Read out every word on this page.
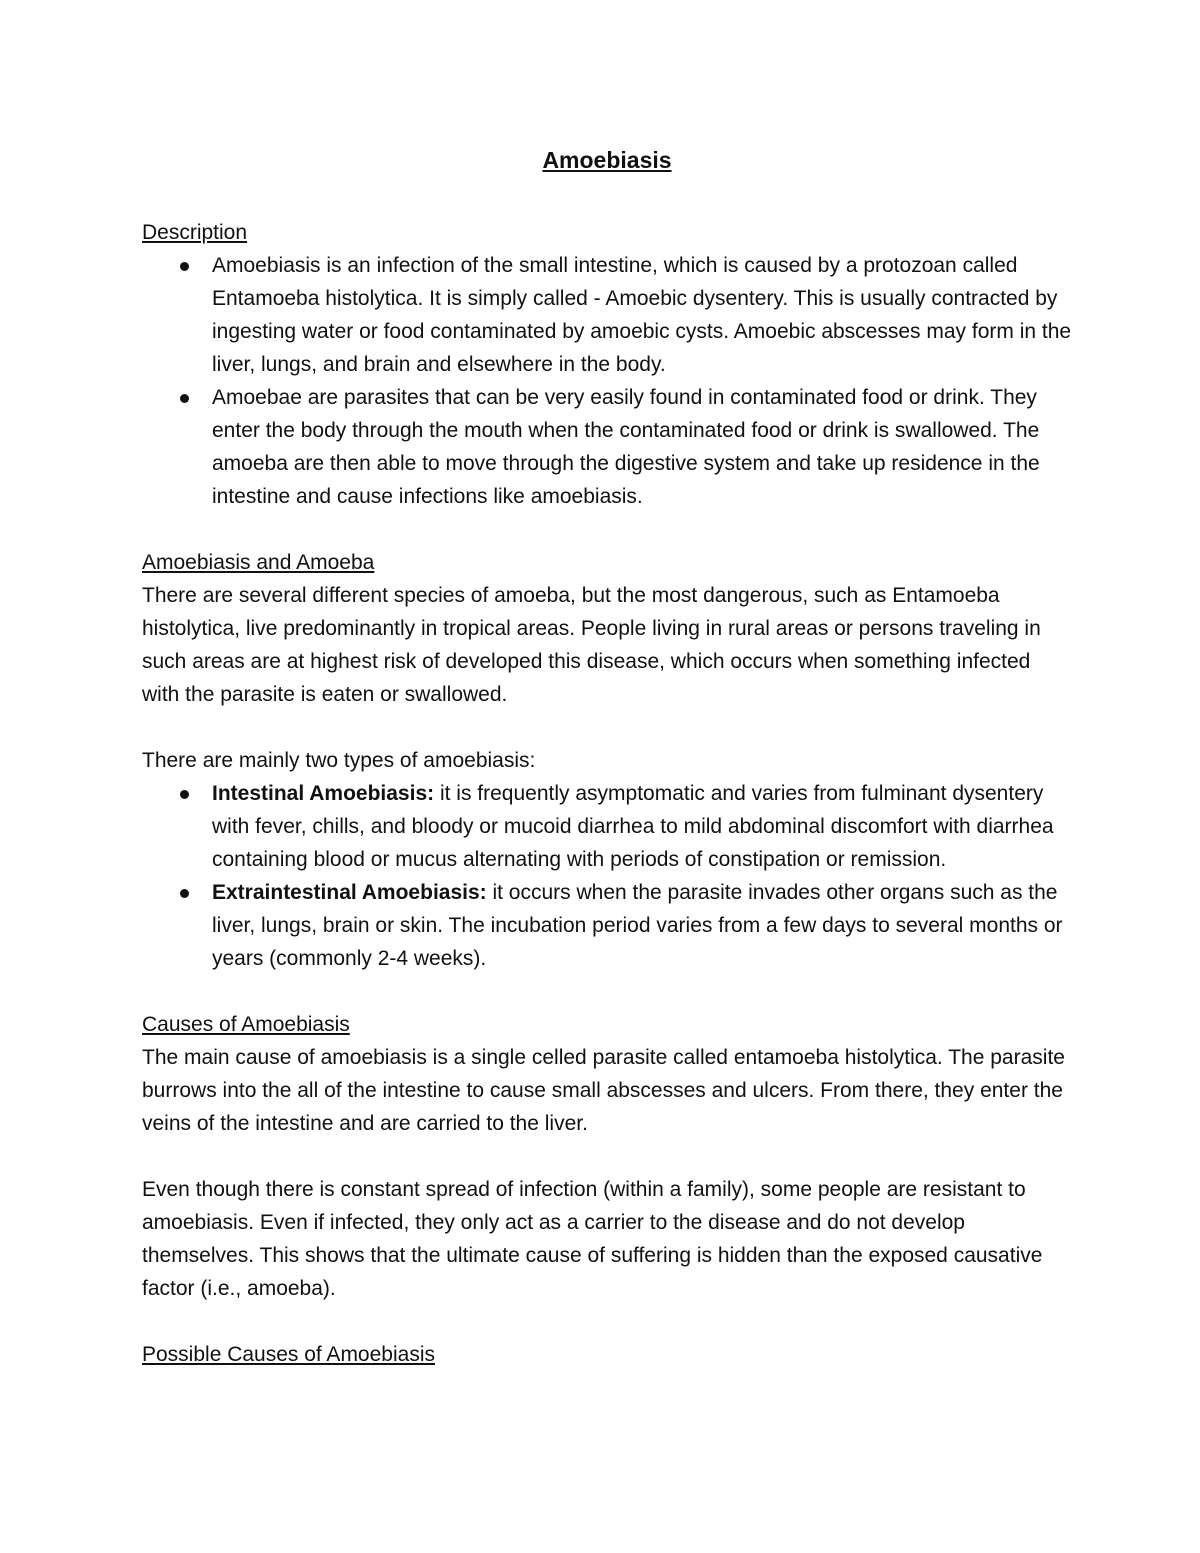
Amoebiasis
Description
Amoebiasis is an infection of the small intestine, which is caused by a protozoan called Entamoeba histolytica. It is simply called - Amoebic dysentery. This is usually contracted by ingesting water or food contaminated by amoebic cysts. Amoebic abscesses may form in the liver, lungs, and brain and elsewhere in the body.
Amoebae are parasites that can be very easily found in contaminated food or drink. They enter the body through the mouth when the contaminated food or drink is swallowed. The amoeba are then able to move through the digestive system and take up residence in the intestine and cause infections like amoebiasis.
Amoebiasis and Amoeba

There are several different species of amoeba, but the most dangerous, such as Entamoeba histolytica, live predominantly in tropical areas. People living in rural areas or persons traveling in such areas are at highest risk of developed this disease, which occurs when something infected with the parasite is eaten or swallowed.

There are mainly two types of amoebiasis:

Intestinal Amoebiasis: it is frequently asymptomatic and varies from fulminant dysentery with fever, chills, and bloody or mucoid diarrhea to mild abdominal discomfort with diarrhea containing blood or mucus alternating with periods of constipation or remission.
Extraintestinal Amoebiasis: it occurs when the parasite invades other organs such as the liver, lungs, brain or skin. The incubation period varies from a few days to several months or years (commonly 2-4 weeks).
Causes of Amoebiasis

The main cause of amoebiasis is a single celled parasite called entamoeba histolytica. The parasite burrows into the all of the intestine to cause small abscesses and ulcers. From there, they enter the veins of the intestine and are carried to the liver.

Even though there is constant spread of infection (within a family), some people are resistant to amoebiasis. Even if infected, they only act as a carrier to the disease and do not develop themselves. This shows that the ultimate cause of suffering is hidden than the exposed causative factor (i.e., amoeba).

Possible Causes of Amoebiasis
